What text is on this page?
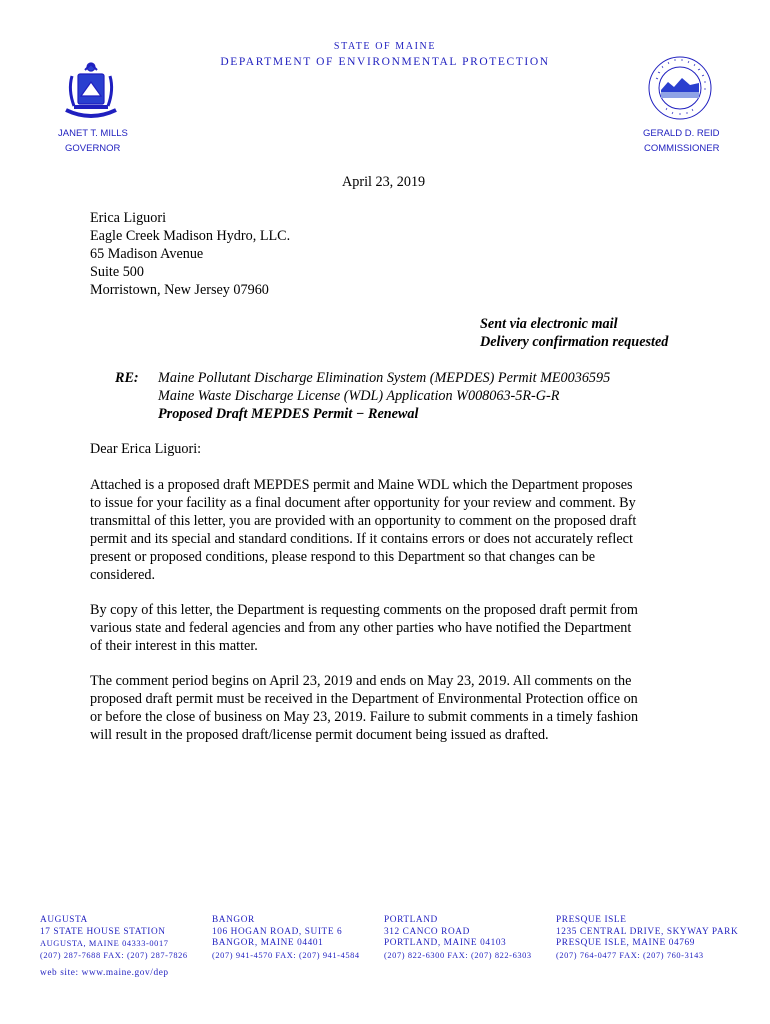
STATE OF MAINE
DEPARTMENT OF ENVIRONMENTAL PROTECTION
JANET T. MILLS
GOVERNOR
GERALD D. REID
COMMISSIONER
April 23, 2019
Erica Liguori
Eagle Creek Madison Hydro, LLC.
65 Madison Avenue
Suite 500
Morristown, New Jersey 07960
Sent via electronic mail
Delivery confirmation requested
RE: Maine Pollutant Discharge Elimination System (MEPDES) Permit ME0036595
Maine Waste Discharge License (WDL) Application W008063-5R-G-R
Proposed Draft MEPDES Permit − Renewal
Dear Erica Liguori:
Attached is a proposed draft MEPDES permit and Maine WDL which the Department proposes
to issue for your facility as a final document after opportunity for your review and comment. By
transmittal of this letter, you are provided with an opportunity to comment on the proposed draft
permit and its special and standard conditions. If it contains errors or does not accurately reflect
present or proposed conditions, please respond to this Department so that changes can be
considered.
By copy of this letter, the Department is requesting comments on the proposed draft permit from
various state and federal agencies and from any other parties who have notified the Department
of their interest in this matter.
The comment period begins on April 23, 2019 and ends on May 23, 2019. All comments on the
proposed draft permit must be received in the Department of Environmental Protection office on
or before the close of business on May 23, 2019. Failure to submit comments in a timely fashion
will result in the proposed draft/license permit document being issued as drafted.
AUGUSTA
17 STATE HOUSE STATION
AUGUSTA, MAINE 04333-0017
(207) 287-7688 FAX: (207) 287-7826
BANGOR
106 HOGAN ROAD, SUITE 6
BANGOR, MAINE 04401
(207) 941-4570 FAX: (207) 941-4584
PORTLAND
312 CANCO ROAD
PORTLAND, MAINE 04103
(207) 822-6300 FAX: (207) 822-6303
PRESQUE ISLE
1235 CENTRAL DRIVE, SKYWAY PARK
PRESQUE ISLE, MAINE 04769
(207) 764-0477 FAX: (207) 760-3143
web site: www.maine.gov/dep
